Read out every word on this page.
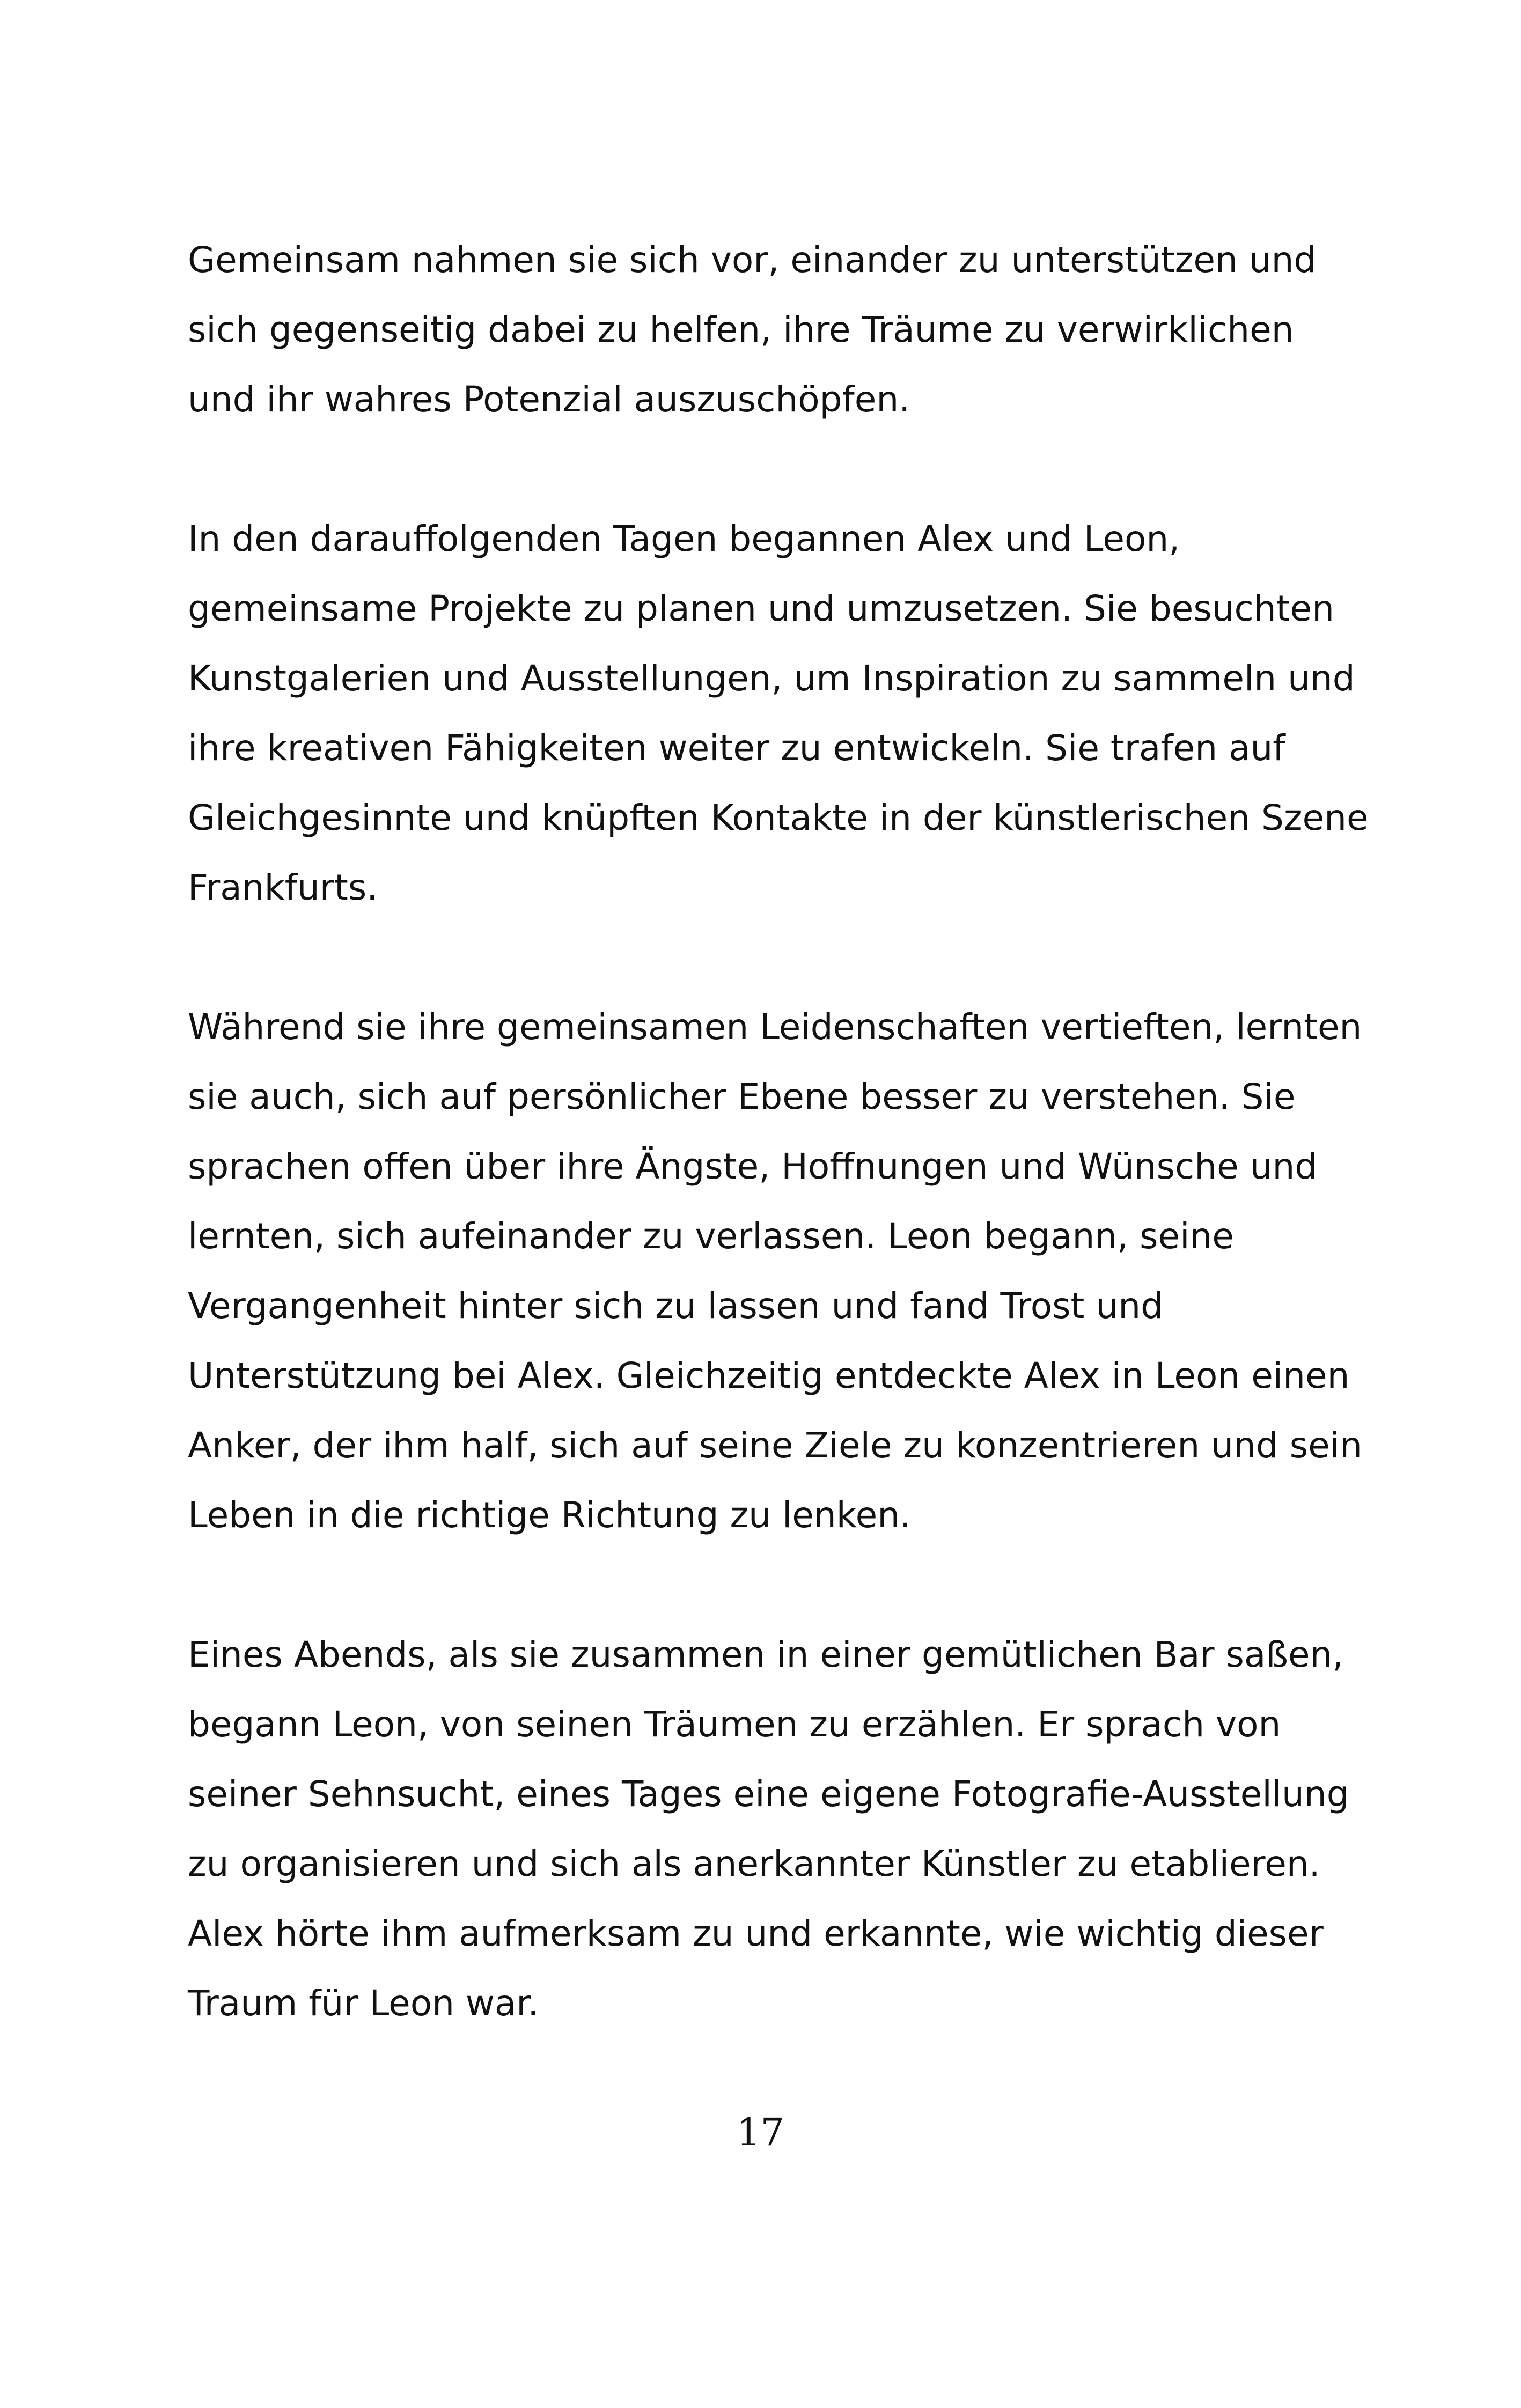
Gemeinsam nahmen sie sich vor, einander zu unterstützen und
sich gegenseitig dabei zu helfen, ihre Träume zu verwirklichen
und ihr wahres Potenzial auszuschöpfen.

In den darauffolgenden Tagen begannen Alex und Leon,
gemeinsame Projekte zu planen und umzusetzen. Sie besuchten
Kunstgalerien und Ausstellungen, um Inspiration zu sammeln und
ihre kreativen Fähigkeiten weiter zu entwickeln. Sie trafen auf
Gleichgesinnte und knüpften Kontakte in der künstlerischen Szene
Frankfurts.

Während sie ihre gemeinsamen Leidenschaften vertieften, lernten
sie auch, sich auf persönlicher Ebene besser zu verstehen. Sie
sprachen offen über ihre Ängste, Hoffnungen und Wünsche und
lernten, sich aufeinander zu verlassen. Leon begann, seine
Vergangenheit hinter sich zu lassen und fand Trost und
Unterstützung bei Alex. Gleichzeitig entdeckte Alex in Leon einen
Anker, der ihm half, sich auf seine Ziele zu konzentrieren und sein
Leben in die richtige Richtung zu lenken.

Eines Abends, als sie zusammen in einer gemütlichen Bar saßen,
begann Leon, von seinen Träumen zu erzählen. Er sprach von
seiner Sehnsucht, eines Tages eine eigene Fotografie-Ausstellung
zu organisieren und sich als anerkannter Künstler zu etablieren.
Alex hörte ihm aufmerksam zu und erkannte, wie wichtig dieser
Traum für Leon war.

17
